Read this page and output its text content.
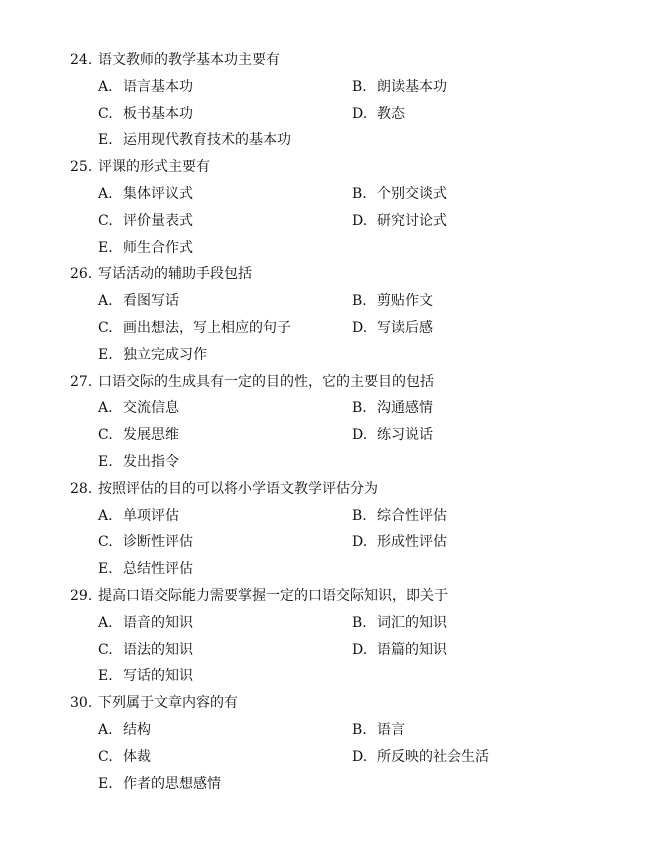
24. 语文教师的教学基本功主要有
A. 语言基本功	B. 朗读基本功
C. 板书基本功	D. 教态
E. 运用现代教育技术的基本功
25. 评课的形式主要有
A. 集体评议式	B. 个别交谈式
C. 评价量表式	D. 研究讨论式
E. 师生合作式
26. 写话活动的辅助手段包括
A. 看图写话	B. 剪贴作文
C. 画出想法，写上相应的句子	D. 写读后感
E. 独立完成习作
27. 口语交际的生成具有一定的目的性，它的主要目的包括
A. 交流信息	B. 沟通感情
C. 发展思维	D. 练习说话
E. 发出指令
28. 按照评估的目的可以将小学语文教学评估分为
A. 单项评估	B. 综合性评估
C. 诊断性评估	D. 形成性评估
E. 总结性评估
29. 提高口语交际能力需要掌握一定的口语交际知识，即关于
A. 语音的知识	B. 词汇的知识
C. 语法的知识	D. 语篇的知识
E. 写话的知识
30. 下列属于文章内容的有
A. 结构	B. 语言
C. 体裁	D. 所反映的社会生活
E. 作者的思想感情
